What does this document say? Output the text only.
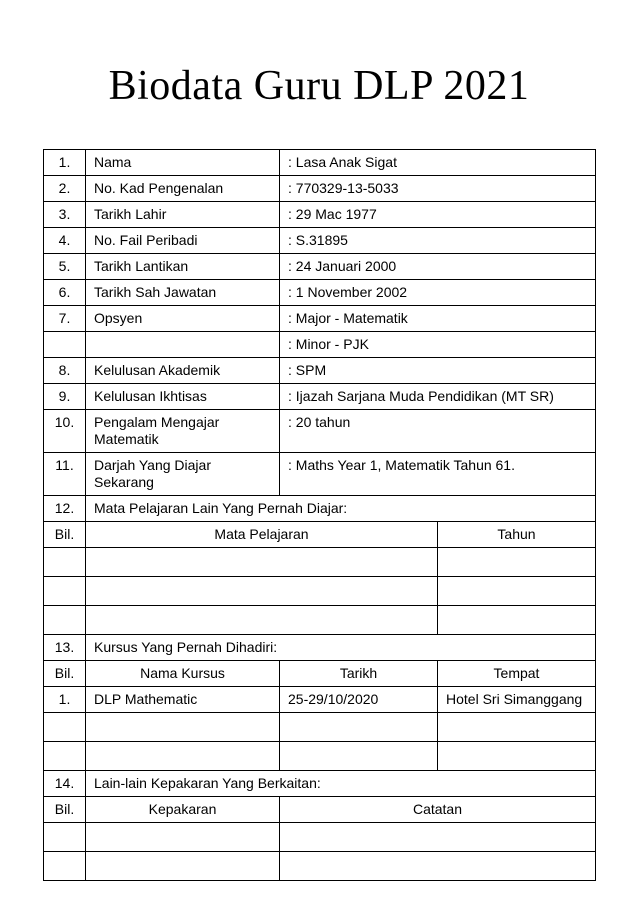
Biodata Guru DLP 2021
1.	Nama	: Lasa Anak Sigat	
2.	No. Kad Pengenalan	: 770329-13-5033	
3.	Tarikh Lahir	: 29 Mac 1977	
4.	No. Fail Peribadi	: S.31895	
5.	Tarikh Lantikan	: 24 Januari 2000	
6.	Tarikh Sah Jawatan	: 1 November 2002	
7.	Opsyen	: Major - Matematik	
		: Minor - PJK	
8.	Kelulusan Akademik	: SPM	
9.	Kelulusan Ikhtisas	: Ijazah Sarjana Muda Pendidikan (MT SR)	
10.	Pengalam Mengajar Matematik	: 20 tahun	
11.	Darjah Yang Diajar Sekarang	: Maths Year 1, Matematik Tahun 61.	
12.	Mata Pelajaran Lain Yang Pernah Diajar:		
Bil.	Mata Pelajaran		Tahun

13.	Kursus Yang Pernah Dihadiri:		
Bil.	Nama Kursus	Tarikh	Tempat
1.	DLP Mathematic	25-29/10/2020	Hotel Sri Simanggang

14.	Lain-lain Kepakaran Yang Berkaitan:		
Bil.	Kepakaran	Catatan	
